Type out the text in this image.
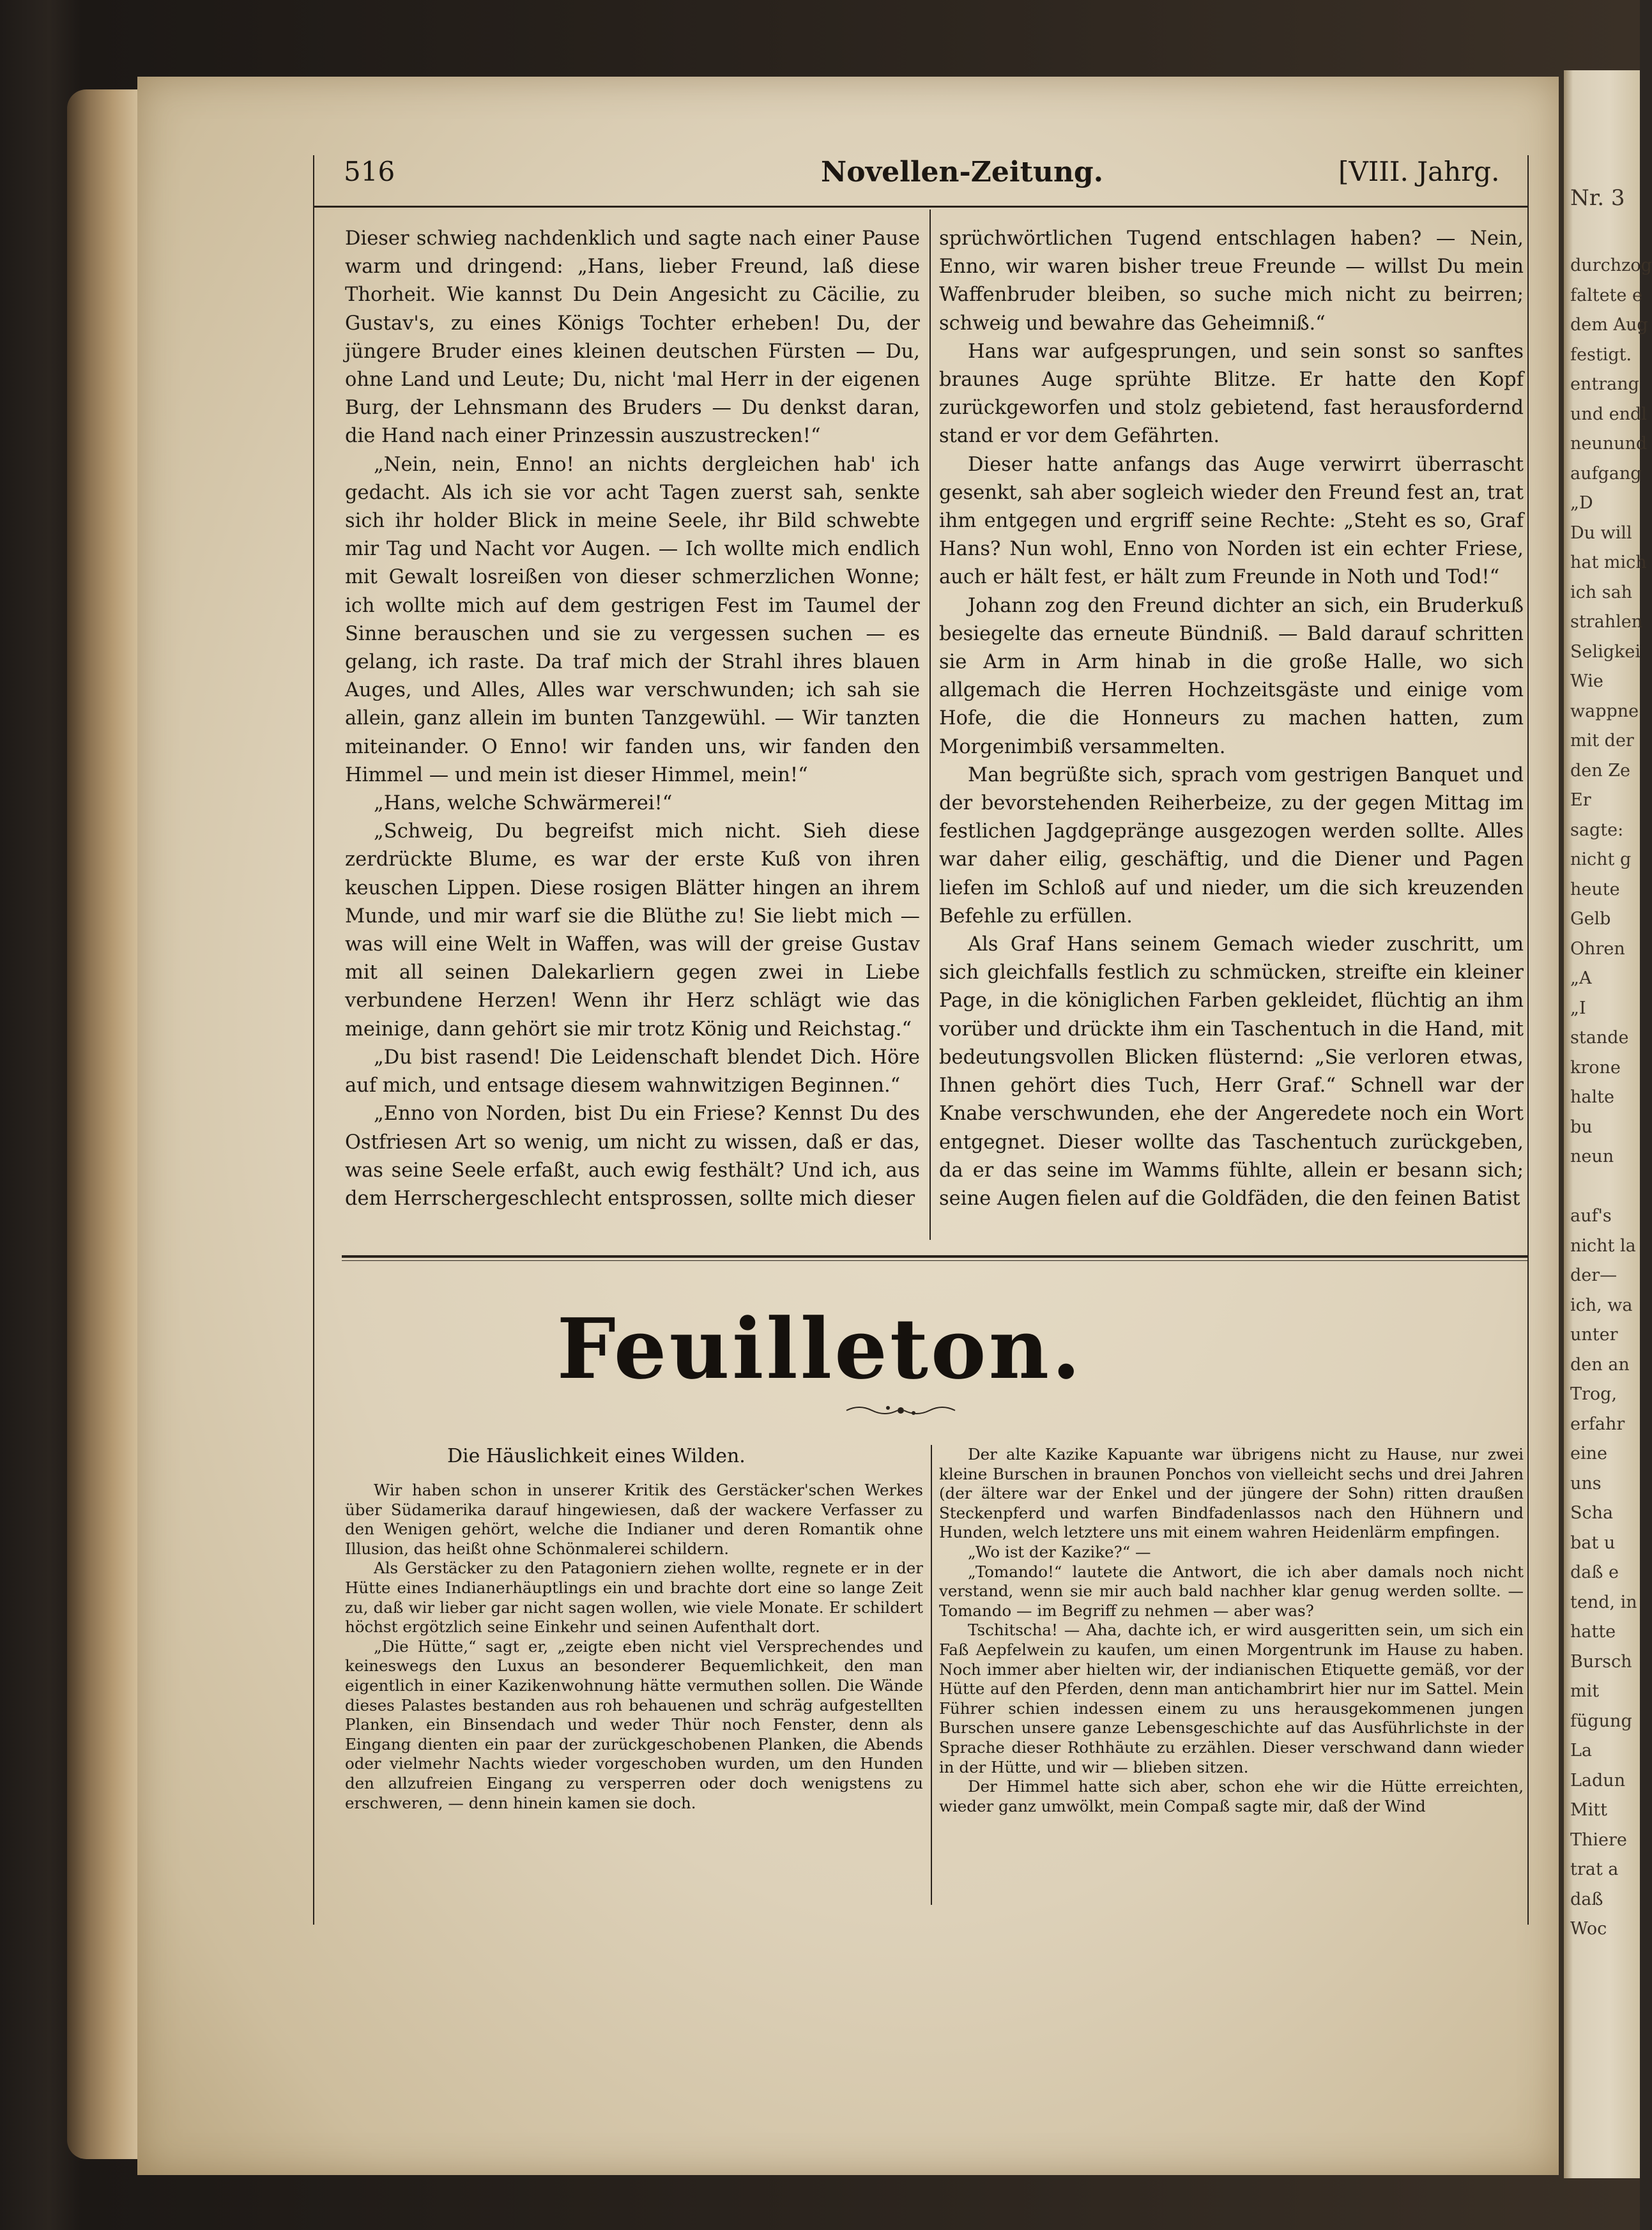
516	Novellen-Zeitung.	[VIII. Jahrg.

Dieser schwieg nachdenklich und sagte nach einer Pause warm und dringend: „Hans, lieber Freund, laß diese Thorheit. Wie kannst Du Dein Angesicht zu Cäcilie, zu Gustav's, zu eines Königs Tochter erheben! Du, der jüngere Bruder eines kleinen deutschen Fürsten — Du, ohne Land und Leute; Du, nicht 'mal Herr in der eigenen Burg, der Lehnsmann des Bruders — Du denkst daran, die Hand nach einer Prinzessin auszustrecken!“

„Nein, nein, Enno! an nichts dergleichen hab' ich gedacht. Als ich sie vor acht Tagen zuerst sah, senkte sich ihr holder Blick in meine Seele, ihr Bild schwebte mir Tag und Nacht vor Augen. — Ich wollte mich endlich mit Gewalt losreißen von dieser schmerzlichen Wonne; ich wollte mich auf dem gestrigen Fest im Taumel der Sinne berauschen und sie zu vergessen suchen — es gelang, ich raste. Da traf mich der Strahl ihres blauen Auges, und Alles, Alles war verschwunden; ich sah sie allein, ganz allein im bunten Tanzgewühl. — Wir tanzten miteinander. O Enno! wir fanden uns, wir fanden den Himmel — und mein ist dieser Himmel, mein!“

„Hans, welche Schwärmerei!“

„Schweig, Du begreifst mich nicht. Sieh diese zerdrückte Blume, es war der erste Kuß von ihren keuschen Lippen. Diese rosigen Blätter hingen an ihrem Munde, und mir warf sie die Blüthe zu! Sie liebt mich — was will eine Welt in Waffen, was will der greise Gustav mit all seinen Dalekarliern gegen zwei in Liebe verbundene Herzen! Wenn ihr Herz schlägt wie das meinige, dann gehört sie mir trotz König und Reichstag.“

„Du bist rasend! Die Leidenschaft blendet Dich. Höre auf mich, und entsage diesem wahnwitzigen Beginnen.“

„Enno von Norden, bist Du ein Friese? Kennst Du des Ostfriesen Art so wenig, um nicht zu wissen, daß er das, was seine Seele erfaßt, auch ewig festhält? Und ich, aus dem Herrschergeschlecht entsprossen, sollte mich dieser

sprüchwörtlichen Tugend entschlagen haben? — Nein, Enno, wir waren bisher treue Freunde — willst Du mein Waffenbruder bleiben, so suche mich nicht zu beirren; schweig und bewahre das Geheimniß.“

Hans war aufgesprungen, und sein sonst so sanftes braunes Auge sprühte Blitze. Er hatte den Kopf zurückgeworfen und stolz gebietend, fast herausfordernd stand er vor dem Gefährten.

Dieser hatte anfangs das Auge verwirrt überrascht gesenkt, sah aber sogleich wieder den Freund fest an, trat ihm entgegen und ergriff seine Rechte: „Steht es so, Graf Hans? Nun wohl, Enno von Norden ist ein echter Friese, auch er hält fest, er hält zum Freunde in Noth und Tod!“

Johann zog den Freund dichter an sich, ein Bruderkuß besiegelte das erneute Bündniß. — Bald darauf schritten sie Arm in Arm hinab in die große Halle, wo sich allgemach die Herren Hochzeitsgäste und einige vom Hofe, die die Honneurs zu machen hatten, zum Morgenimbiß versammelten.

Man begrüßte sich, sprach vom gestrigen Banquet und der bevorstehenden Reiherbeize, zu der gegen Mittag im festlichen Jagdgepränge ausgezogen werden sollte. Alles war daher eilig, geschäftig, und die Diener und Pagen liefen im Schloß auf und nieder, um die sich kreuzenden Befehle zu erfüllen.

Als Graf Hans seinem Gemach wieder zuschritt, um sich gleichfalls festlich zu schmücken, streifte ein kleiner Page, in die königlichen Farben gekleidet, flüchtig an ihm vorüber und drückte ihm ein Taschentuch in die Hand, mit bedeutungsvollen Blicken flüsternd: „Sie verloren etwas, Ihnen gehört dies Tuch, Herr Graf.“ Schnell war der Knabe verschwunden, ehe der Angeredete noch ein Wort entgegnet. Dieser wollte das Taschentuch zurückgeben, da er das seine im Wamms fühlte, allein er besann sich; seine Augen fielen auf die Goldfäden, die den feinen Batist

Feuilleton.
Die Häuslichkeit eines Wilden.

Wir haben schon in unserer Kritik des Gerstäcker'schen Werkes über Südamerika darauf hingewiesen, daß der wackere Verfasser zu den Wenigen gehört, welche die Indianer und deren Romantik ohne Illusion, das heißt ohne Schönmalerei schildern.

Als Gerstäcker zu den Patagoniern ziehen wollte, regnete er in der Hütte eines Indianerhäuptlings ein und brachte dort eine so lange Zeit zu, daß wir lieber gar nicht sagen wollen, wie viele Monate. Er schildert höchst ergötzlich seine Einkehr und seinen Aufenthalt dort.

„Die Hütte,“ sagt er, „zeigte eben nicht viel Versprechendes und keineswegs den Luxus an besonderer Bequemlichkeit, den man eigentlich in einer Kazikenwohnung hätte vermuthen sollen. Die Wände dieses Palastes bestanden aus roh behauenen und schräg aufgestellten Planken, ein Binsendach und weder Thür noch Fenster, denn als Eingang dienten ein paar der zurückgeschobenen Planken, die Abends oder vielmehr Nachts wieder vorgeschoben wurden, um den Hunden den allzufreien Eingang zu versperren oder doch wenigstens zu erschweren, — denn hinein kamen sie doch.

Der alte Kazike Kapuante war übrigens nicht zu Hause, nur zwei kleine Burschen in braunen Ponchos von vielleicht sechs und drei Jahren (der ältere war der Enkel und der jüngere der Sohn) ritten draußen Steckenpferd und warfen Bindfadenlassos nach den Hühnern und Hunden, welch letztere uns mit einem wahren Heidenlärm empfingen.

„Wo ist der Kazike?“ —

„Tomando!“ lautete die Antwort, die ich aber damals noch nicht verstand, wenn sie mir auch bald nachher klar genug werden sollte. — Tomando — im Begriff zu nehmen — aber was?

Tschitscha! — Aha, dachte ich, er wird ausgeritten sein, um sich ein Faß Aepfelwein zu kaufen, um einen Morgentrunk im Hause zu haben. Noch immer aber hielten wir, der indianischen Etiquette gemäß, vor der Hütte auf den Pferden, denn man antichambrirt hier nur im Sattel. Mein Führer schien indessen einem zu uns herausgekommenen jungen Burschen unsere ganze Lebensgeschichte auf das Ausführlichste in der Sprache dieser Rothhäute zu erzählen. Dieser verschwand dann wieder in der Hütte, und wir — blieben sitzen.

Der Himmel hatte sich aber, schon ehe wir die Hütte erreichten, wieder ganz umwölkt, mein Compaß sagte mir, daß der Wind

Nr. 3
durchzog
faltete e
dem Aug
festigt.
entrang
und endl
neunund
aufgang
„D
Du will
hat mich
ich sah
strahlen
Seligkei
Wie
wappne
mit der
den Ze
Er
sagte:
nicht g
heute
Gelb
Ohren
„A
„I
stande
krone
halte
bu
neun
auf's
nicht la
der—
ich, wa
unter
den an
Trog,
erfahr
eine
uns
Scha
bat u
daß e
tend, in
hatte
Bursch
mit
fügung
La
Ladun
Mitt
Thiere
trat a
daß
Woc
